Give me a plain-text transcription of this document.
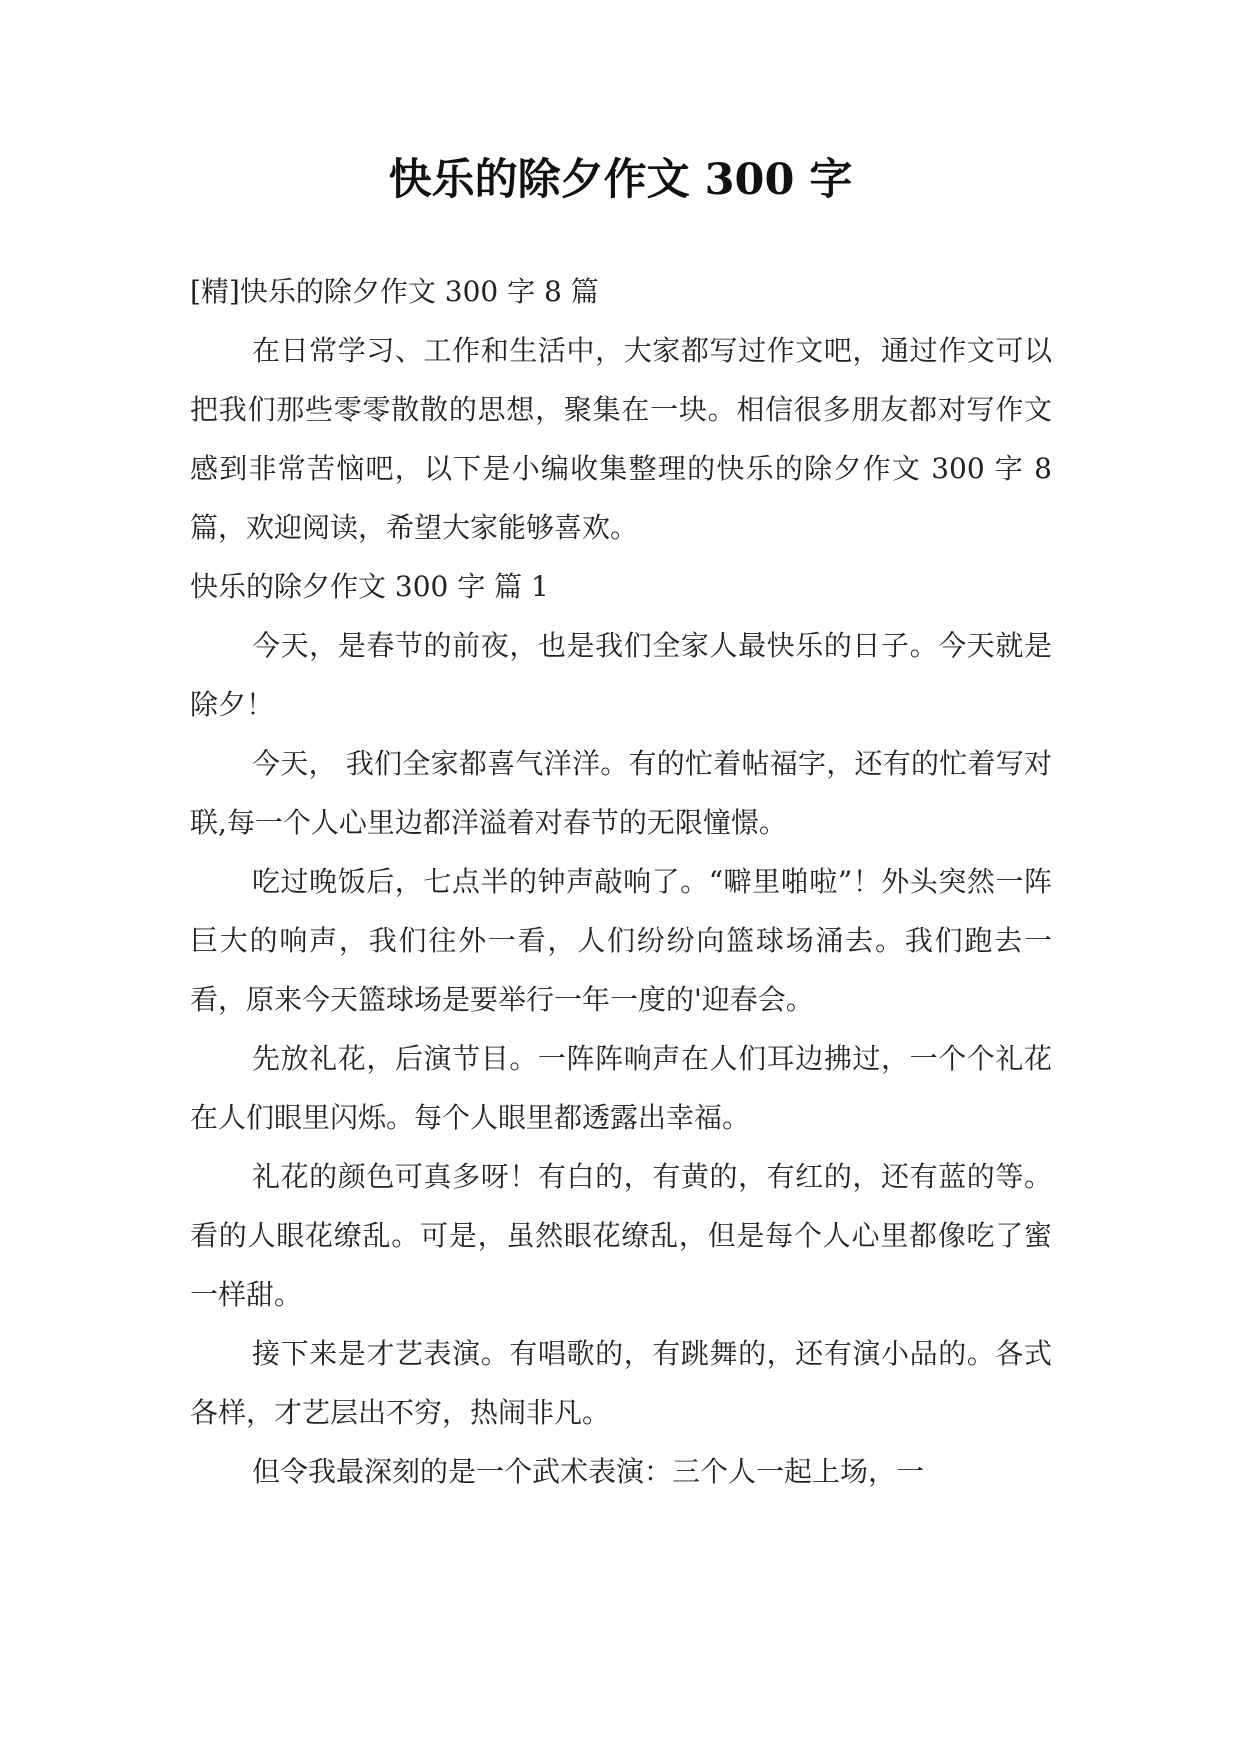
快乐的除夕作文 300 字

[精]快乐的除夕作文 300 字 8 篇

在日常学习、工作和生活中，大家都写过作文吧，通过作文可以把我们那些零零散散的思想，聚集在一块。相信很多朋友都对写作文感到非常苦恼吧，以下是小编收集整理的快乐的除夕作文 300 字 8 篇，欢迎阅读，希望大家能够喜欢。

快乐的除夕作文 300 字 篇 1

今天，是春节的前夜，也是我们全家人最快乐的日子。今天就是除夕！

今天， 我们全家都喜气洋洋。有的忙着帖福字，还有的忙着写对联,每一个人心里边都洋溢着对春节的无限憧憬。

吃过晚饭后，七点半的钟声敲响了。“噼里啪啦”！外头突然一阵巨大的响声，我们往外一看，人们纷纷向篮球场涌去。我们跑去一看，原来今天篮球场是要举行一年一度的'迎春会。

先放礼花，后演节目。一阵阵响声在人们耳边拂过，一个个礼花在人们眼里闪烁。每个人眼里都透露出幸福。

礼花的颜色可真多呀！有白的，有黄的，有红的，还有蓝的等。看的人眼花缭乱。可是，虽然眼花缭乱，但是每个人心里都像吃了蜜一样甜。

接下来是才艺表演。有唱歌的，有跳舞的，还有演小品的。各式各样，才艺层出不穷，热闹非凡。

但令我最深刻的是一个武术表演：三个人一起上场，一
